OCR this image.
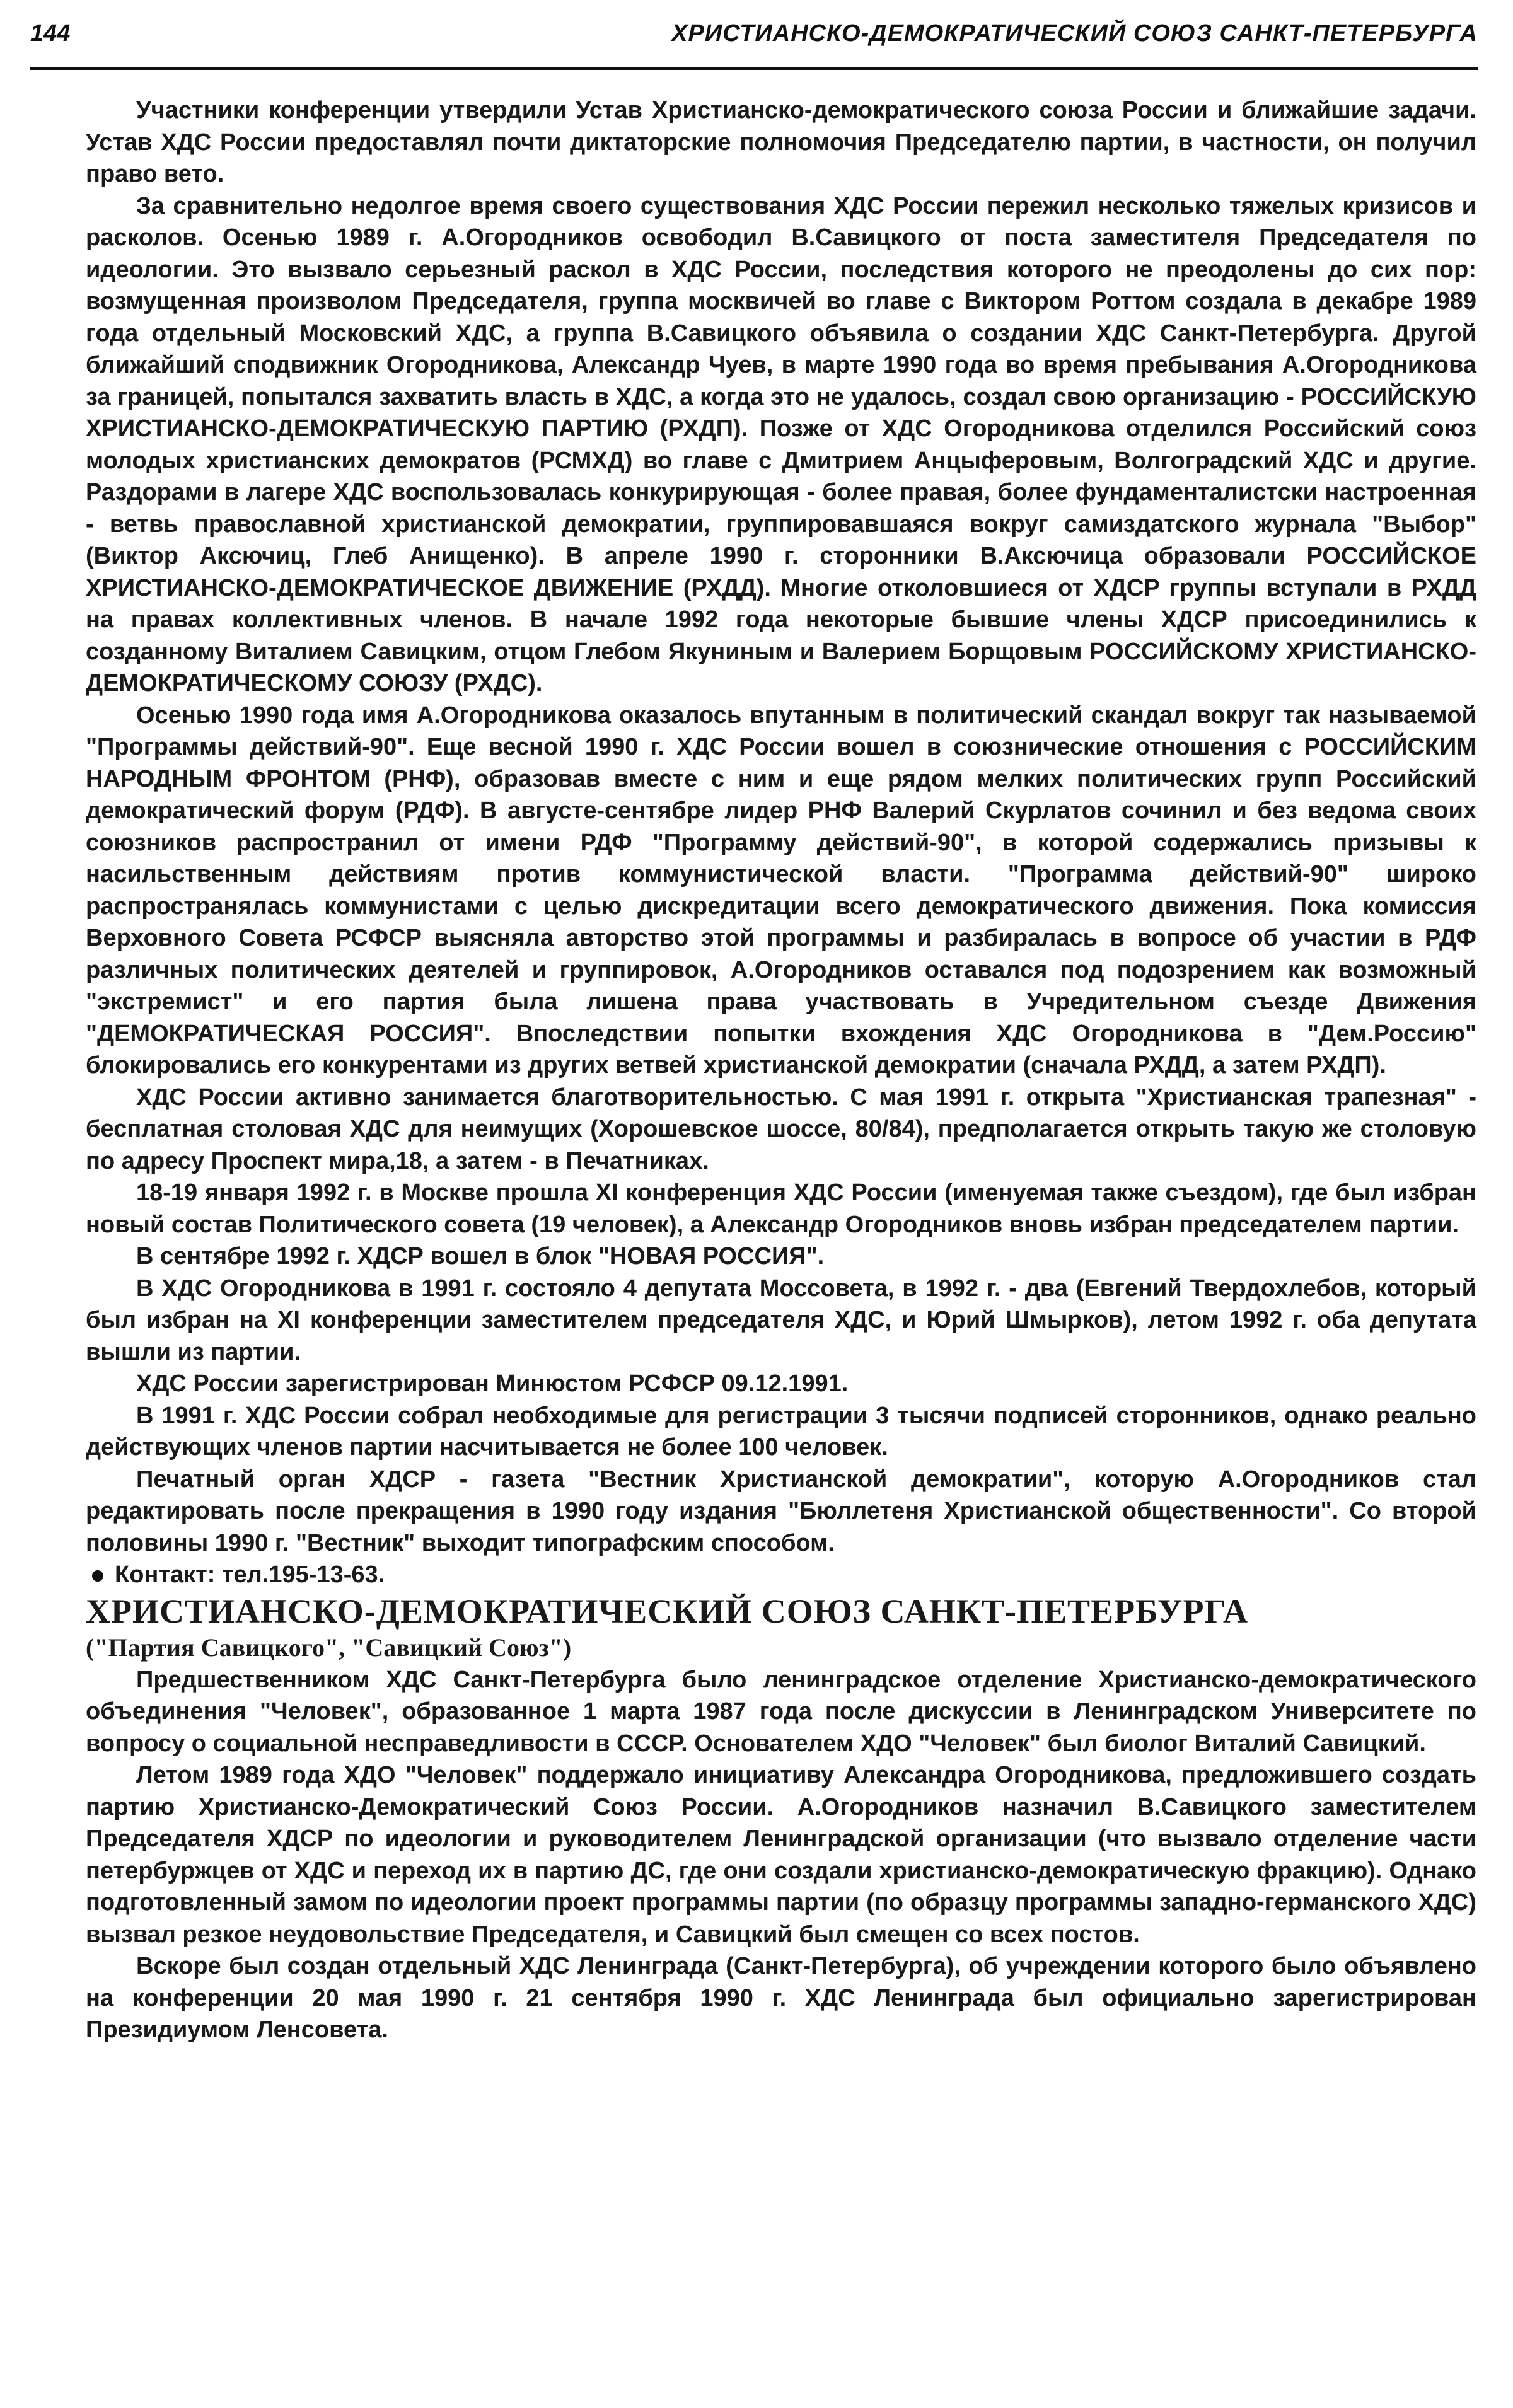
144	ХРИСТИАНСКО-ДЕМОКРАТИЧЕСКИЙ СОЮЗ САНКТ-ПЕТЕРБУРГА

Участники конференции утвердили Устав Христианско-демократического союза России и ближайшие задачи. Устав ХДС России предоставлял почти диктаторские полномочия Председателю партии, в частности, он получил право вето.

За сравнительно недолгое время своего существования ХДС России пережил несколько тяжелых кризисов и расколов. Осенью 1989 г. А.Огородников освободил В.Савицкого от поста заместителя Председателя по идеологии. Это вызвало серьезный раскол в ХДС России, последствия которого не преодолены до сих пор: возмущенная произволом Председателя, группа москвичей во главе с Виктором Роттом создала в декабре 1989 года отдельный Московский ХДС, а группа В.Савицкого объявила о создании ХДС Санкт-Петербурга. Другой ближайший сподвижник Огородникова, Александр Чуев, в марте 1990 года во время пребывания А.Огородникова за границей, попытался захватить власть в ХДС, а когда это не удалось, создал свою организацию - РОССИЙСКУЮ ХРИСТИАНСКО-ДЕМОКРАТИЧЕСКУЮ ПАРТИЮ (РХДП). Позже от ХДС Огородникова отделился Российский союз молодых христианских демократов (РСМХД) во главе с Дмитрием Анцыферовым, Волгоградский ХДС и другие. Раздорами в лагере ХДС воспользовалась конкурирующая - более правая, более фундаменталистски настроенная - ветвь православной христианской демократии, группировавшаяся вокруг самиздатского журнала "Выбор" (Виктор Аксючиц, Глеб Анищенко). В апреле 1990 г. сторонники В.Аксючица образовали РОССИЙСКОЕ ХРИСТИАНСКО-ДЕМОКРАТИЧЕСКОЕ ДВИЖЕНИЕ (РХДД). Многие отколовшиеся от ХДСР группы вступали в РХДД на правах коллективных членов. В начале 1992 года некоторые бывшие члены ХДСР присоединились к созданному Виталием Савицким, отцом Глебом Якуниным и Валерием Борщовым РОССИЙСКОМУ ХРИСТИАНСКО-ДЕМОКРАТИЧЕСКОМУ СОЮЗУ (РХДС).

Осенью 1990 года имя А.Огородникова оказалось впутанным в политический скандал вокруг так называемой "Программы действий-90". Еще весной 1990 г. ХДС России вошел в союзнические отношения с РОССИЙСКИМ НАРОДНЫМ ФРОНТОМ (РНФ), образовав вместе с ним и еще рядом мелких политических групп Российский демократический форум (РДФ). В августе-сентябре лидер РНФ Валерий Скурлатов сочинил и без ведома своих союзников распространил от имени РДФ "Программу действий-90", в которой содержались призывы к насильственным действиям против коммунистической власти. "Программа действий-90" широко распространялась коммунистами с целью дискредитации всего демократического движения. Пока комиссия Верховного Совета РСФСР выясняла авторство этой программы и разбиралась в вопросе об участии в РДФ различных политических деятелей и группировок, А.Огородников оставался под подозрением как возможный "экстремист" и его партия была лишена права участвовать в Учредительном съезде Движения "ДЕМОКРАТИЧЕСКАЯ РОССИЯ". Впоследствии попытки вхождения ХДС Огородникова в "Дем.Россию" блокировались его конкурентами из других ветвей христианской демократии (сначала РХДД, а затем РХДП).

ХДС России активно занимается благотворительностью. С мая 1991 г. открыта "Христианская трапезная" - бесплатная столовая ХДС для неимущих (Хорошевское шоссе, 80/84), предполагается открыть такую же столовую по адресу Проспект мира,18, а затем - в Печатниках.

18-19 января 1992 г. в Москве прошла XI конференция ХДС России (именуемая также съездом), где был избран новый состав Политического совета (19 человек), а Александр Огородников вновь избран председателем партии.

В сентябре 1992 г. ХДСР вошел в блок "НОВАЯ РОССИЯ".

В ХДС Огородникова в 1991 г. состояло 4 депутата Моссовета, в 1992 г. - два (Евгений Твердохлебов, который был избран на XI конференции заместителем председателя ХДС, и Юрий Шмырков), летом 1992 г. оба депутата вышли из партии.

ХДС России зарегистрирован Минюстом РСФСР 09.12.1991.

В 1991 г. ХДС России собрал необходимые для регистрации 3 тысячи подписей сторонников, однако реально действующих членов партии насчитывается не более 100 человек.

Печатный орган ХДСР - газета "Вестник Христианской демократии", которую А.Огородников стал редактировать после прекращения в 1990 году издания "Бюллетеня Христианской общественности". Со второй половины 1990 г. "Вестник" выходит типографским способом.

Контакт: тел.195-13-63.

ХРИСТИАНСКО-ДЕМОКРАТИЧЕСКИЙ СОЮЗ САНКТ-ПЕТЕРБУРГА

("Партия Савицкого", "Савицкий Союз")

Предшественником ХДС Санкт-Петербурга было ленинградское отделение Христианско-демократического объединения "Человек", образованное 1 марта 1987 года после дискуссии в Ленинградском Университете по вопросу о социальной несправедливости в СССР. Основателем ХДО "Человек" был биолог Виталий Савицкий.

Летом 1989 года ХДО "Человек" поддержало инициативу Александра Огородникова, предложившего создать партию Христианско-Демократический Союз России. А.Огородников назначил В.Савицкого заместителем Председателя ХДСР по идеологии и руководителем Ленинградской организации (что вызвало отделение части петербуржцев от ХДС и переход их в партию ДС, где они создали христианско-демократическую фракцию). Однако подготовленный замом по идеологии проект программы партии (по образцу программы западно-германского ХДС) вызвал резкое неудовольствие Председателя, и Савицкий был смещен со всех постов.

Вскоре был создан отдельный ХДС Ленинграда (Санкт-Петербурга), об учреждении которого было объявлено на конференции 20 мая 1990 г. 21 сентября 1990 г. ХДС Ленинграда был официально зарегистрирован Президиумом Ленсовета.
